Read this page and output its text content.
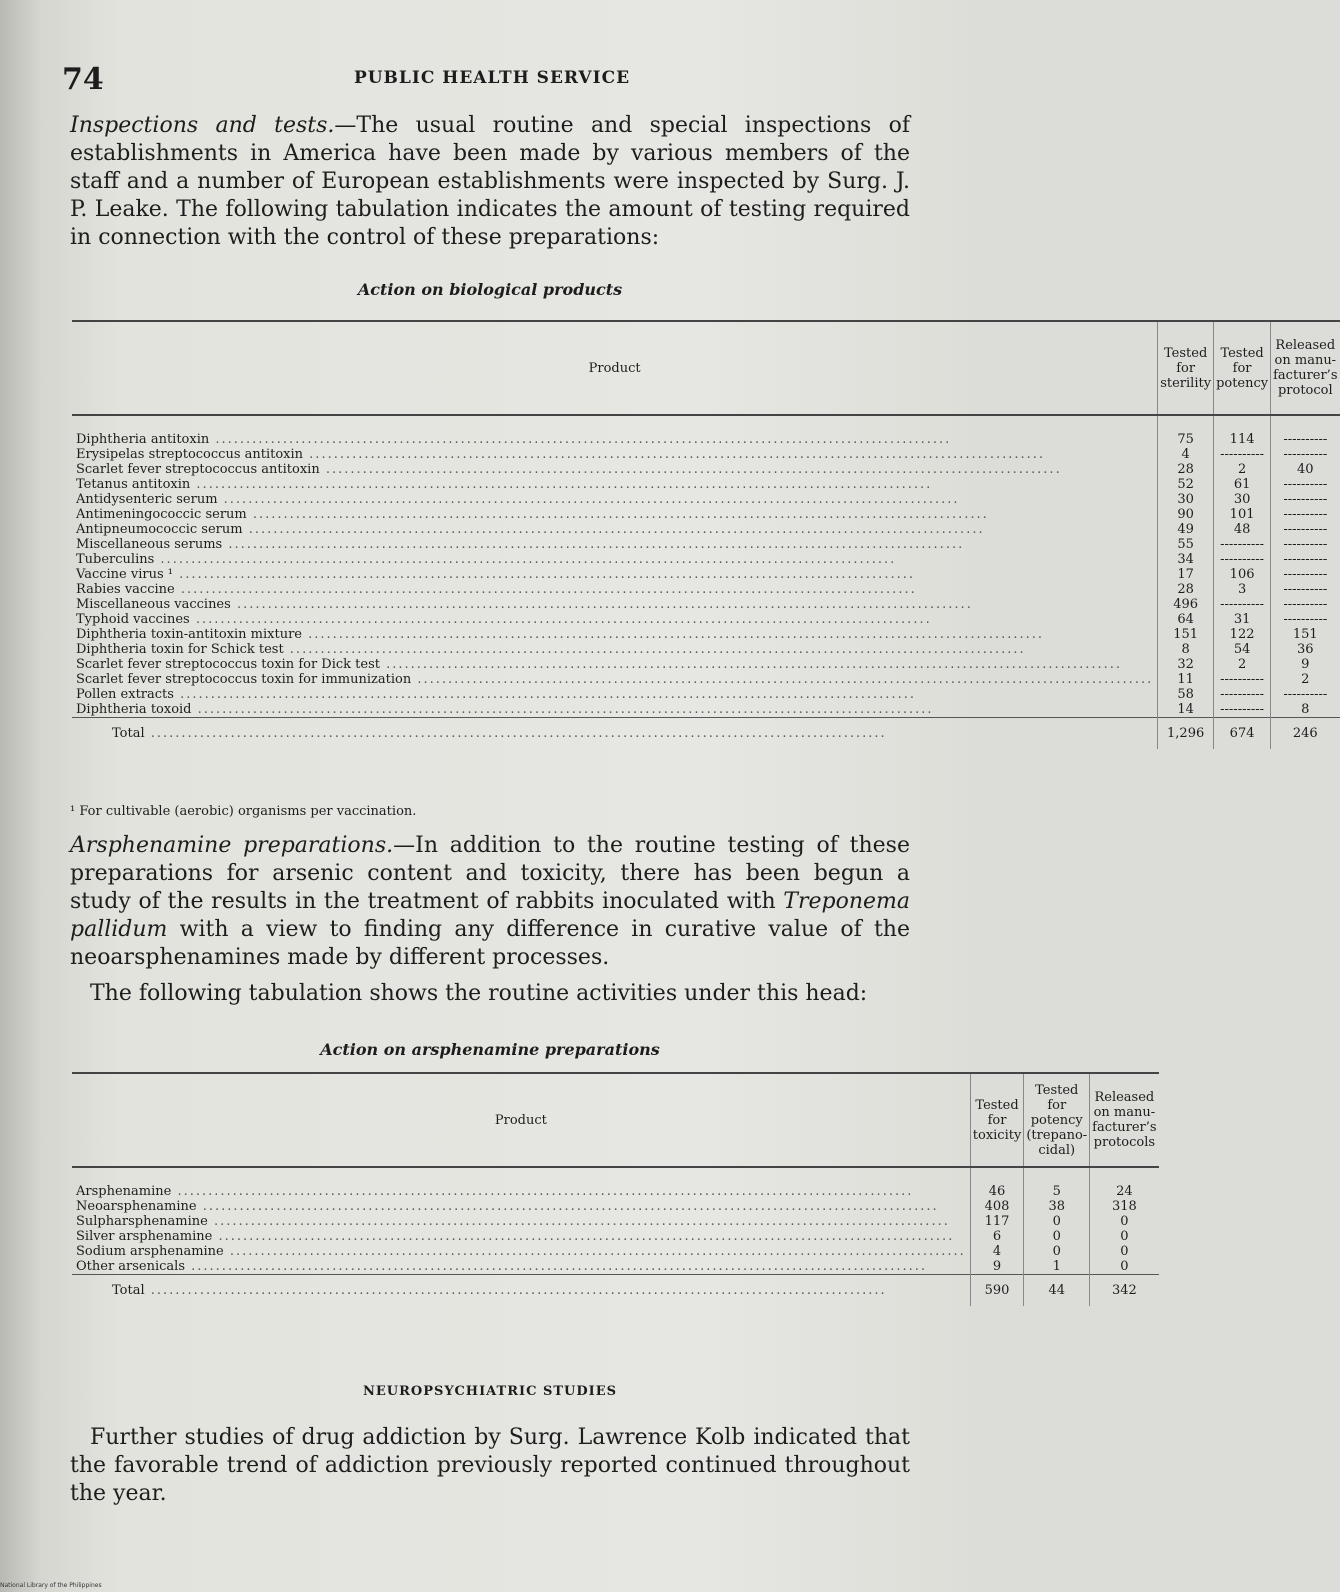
74	PUBLIC HEALTH SERVICE
Inspections and tests.—The usual routine and special inspections of establishments in America have been made by various members of the staff and a number of European establishments were inspected by Surg. J. P. Leake. The following tabulation indicates the amount of testing required in connection with the control of these preparations:
Action on biological products
Product	Tested for sterility	Tested for potency	Released on manu-facturer’s protocol
Diphtheria antitoxin ........................................................................................................................	75	114	----------
Erysipelas streptococcus antitoxin ........................................................................................................................	4	----------	----------
Scarlet fever streptococcus antitoxin ........................................................................................................................	28	2	40
Tetanus antitoxin ........................................................................................................................	52	61	----------
Antidysenteric serum ........................................................................................................................	30	30	----------
Antimeningococcic serum ........................................................................................................................	90	101	----------
Antipneumococcic serum ........................................................................................................................	49	48	----------
Miscellaneous serums ........................................................................................................................	55	----------	----------
Tuberculins ........................................................................................................................	34	----------	----------
Vaccine virus ¹ ........................................................................................................................	17	106	----------
Rabies vaccine ........................................................................................................................	28	3	----------
Miscellaneous vaccines ........................................................................................................................	496	----------	----------
Typhoid vaccines ........................................................................................................................	64	31	----------
Diphtheria toxin-antitoxin mixture ........................................................................................................................	151	122	151
Diphtheria toxin for Schick test ........................................................................................................................	8	54	36
Scarlet fever streptococcus toxin for Dick test ........................................................................................................................	32	2	9
Scarlet fever streptococcus toxin for immunization ........................................................................................................................	11	----------	2
Pollen extracts ........................................................................................................................	58	----------	----------
Diphtheria toxoid ........................................................................................................................	14	----------	8
Total ........................................................................................................................	1,296	674	246
¹ For cultivable (aerobic) organisms per vaccination.
Arsphenamine preparations.—In addition to the routine testing of these preparations for arsenic content and toxicity, there has been begun a study of the results in the treatment of rabbits inoculated with Treponema pallidum with a view to finding any difference in curative value of the neoarsphenamines made by different processes.
The following tabulation shows the routine activities under this head:
Action on arsphenamine preparations
Product	Tested for toxicity	Tested for potency (trepano-cidal)	Released on manu-facturer’s protocols
Arsphenamine ........................................................................................................................	46	5	24
Neoarsphenamine ........................................................................................................................	408	38	318
Sulpharsphenamine ........................................................................................................................	117	0	0
Silver arsphenamine ........................................................................................................................	6	0	0
Sodium arsphenamine ........................................................................................................................	4	0	0
Other arsenicals ........................................................................................................................	9	1	0
Total ........................................................................................................................	590	44	342
NEUROPSYCHIATRIC STUDIES
Further studies of drug addiction by Surg. Lawrence Kolb indicated that the favorable trend of addiction previously reported continued throughout the year.
National Library of the Philippines
